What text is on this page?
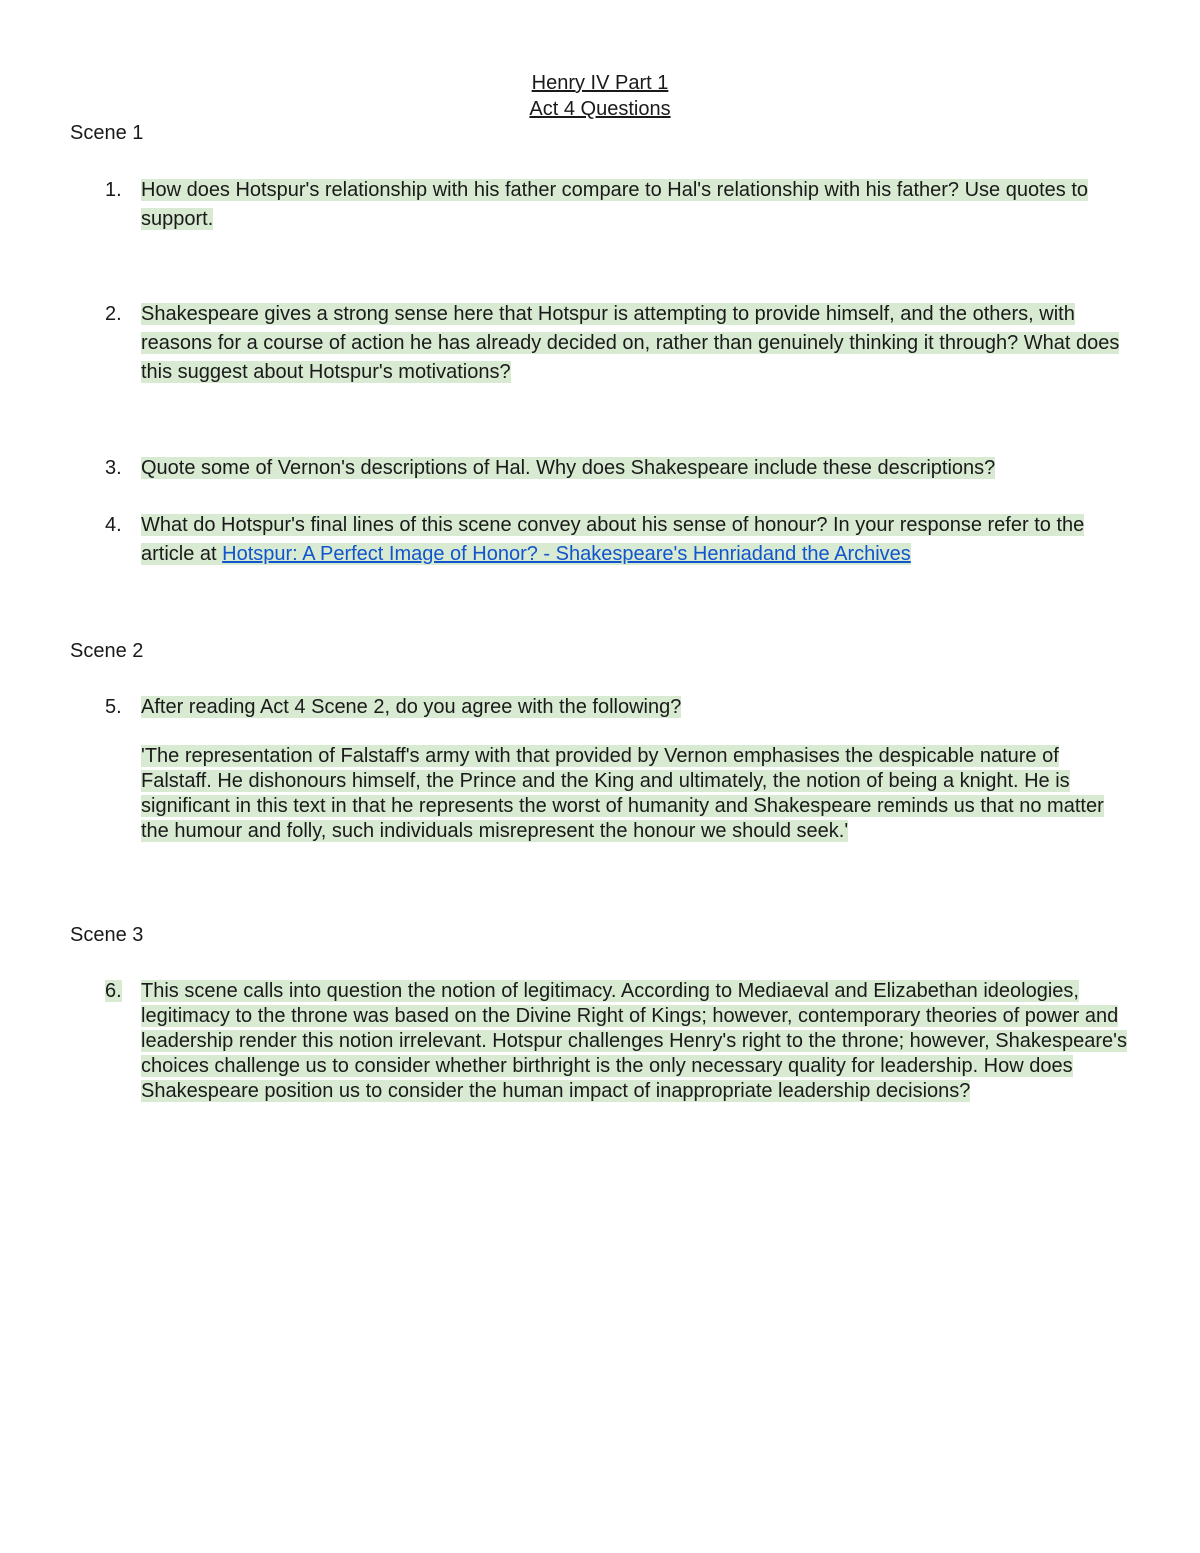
Henry IV Part 1
Act 4 Questions
Scene 1
1. How does Hotspur's relationship with his father compare to Hal's relationship with his father? Use quotes to support.
2. Shakespeare gives a strong sense here that Hotspur is attempting to provide himself, and the others, with reasons for a course of action he has already decided on, rather than genuinely thinking it through? What does this suggest about Hotspur's motivations?
3. Quote some of Vernon's descriptions of Hal. Why does Shakespeare include these descriptions?
4. What do Hotspur's final lines of this scene convey about his sense of honour? In your response refer to the article at Hotspur: A Perfect Image of Honor? - Shakespeare's Henriadand the Archives
Scene 2
5. After reading Act 4 Scene 2, do you agree with the following?
'The representation of Falstaff's army with that provided by Vernon emphasises the despicable nature of Falstaff. He dishonours himself, the Prince and the King and ultimately, the notion of being a knight. He is significant in this text in that he represents the worst of humanity and Shakespeare reminds us that no matter the humour and folly, such individuals misrepresent the honour we should seek.'
Scene 3
6. This scene calls into question the notion of legitimacy. According to Mediaeval and Elizabethan ideologies, legitimacy to the throne was based on the Divine Right of Kings; however, contemporary theories of power and leadership render this notion irrelevant. Hotspur challenges Henry's right to the throne; however, Shakespeare's choices challenge us to consider whether birthright is the only necessary quality for leadership. How does Shakespeare position us to consider the human impact of inappropriate leadership decisions?
